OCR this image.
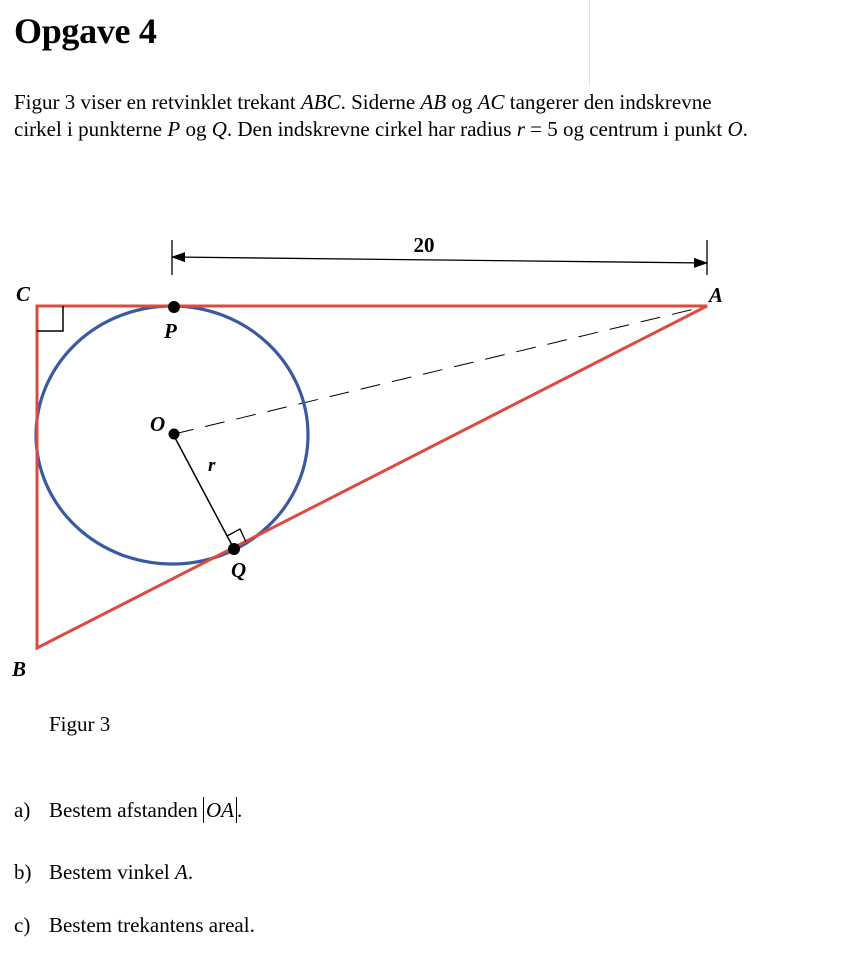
Opgave 4
Figur 3 viser en retvinklet trekant ABC. Siderne AB og AC tangerer den indskrevne
cirkel i punkterne P og Q. Den indskrevne cirkel har radius r = 5 og centrum i punkt O.
20
C	A
B
P
O
r
Q
Figur 3
a) Bestem afstanden OA .
b) Bestem vinkel A.
c) Bestem trekantens areal.
